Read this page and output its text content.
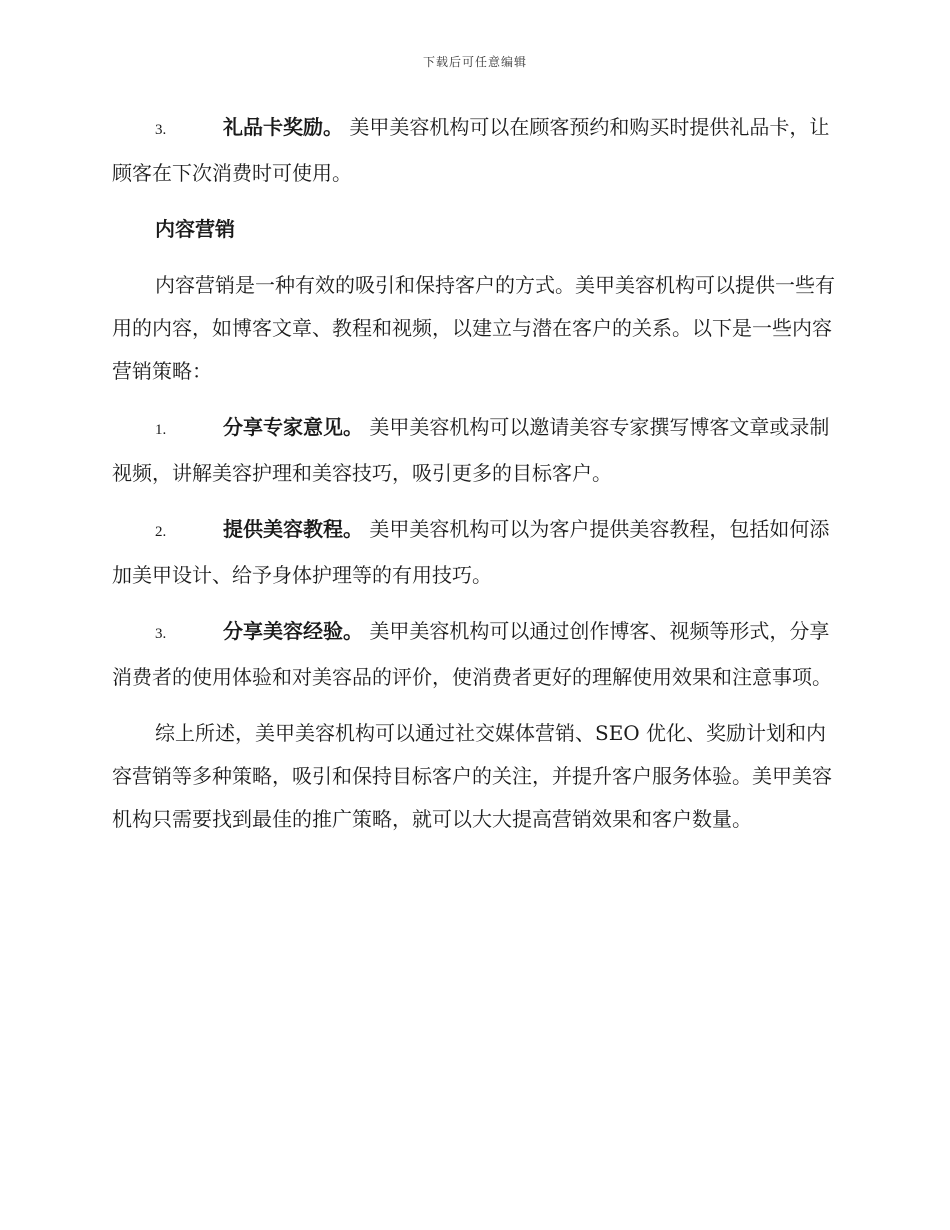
下载后可任意编辑

3.	礼品卡奖励。 美甲美容机构可以在顾客预约和购买时提供礼品卡，让顾客在下次消费时可使用。

内容营销

内容营销是一种有效的吸引和保持客户的方式。美甲美容机构可以提供一些有用的内容，如博客文章、教程和视频，以建立与潜在客户的关系。以下是一些内容营销策略：

1.	分享专家意见。 美甲美容机构可以邀请美容专家撰写博客文章或录制视频，讲解美容护理和美容技巧，吸引更多的目标客户。

2.	提供美容教程。 美甲美容机构可以为客户提供美容教程，包括如何添加美甲设计、给予身体护理等的有用技巧。

3.	分享美容经验。 美甲美容机构可以通过创作博客、视频等形式，分享消费者的使用体验和对美容品的评价，使消费者更好的理解使用效果和注意事项。

综上所述，美甲美容机构可以通过社交媒体营销、SEO 优化、奖励计划和内容营销等多种策略，吸引和保持目标客户的关注，并提升客户服务体验。美甲美容机构只需要找到最佳的推广策略，就可以大大提高营销效果和客户数量。
